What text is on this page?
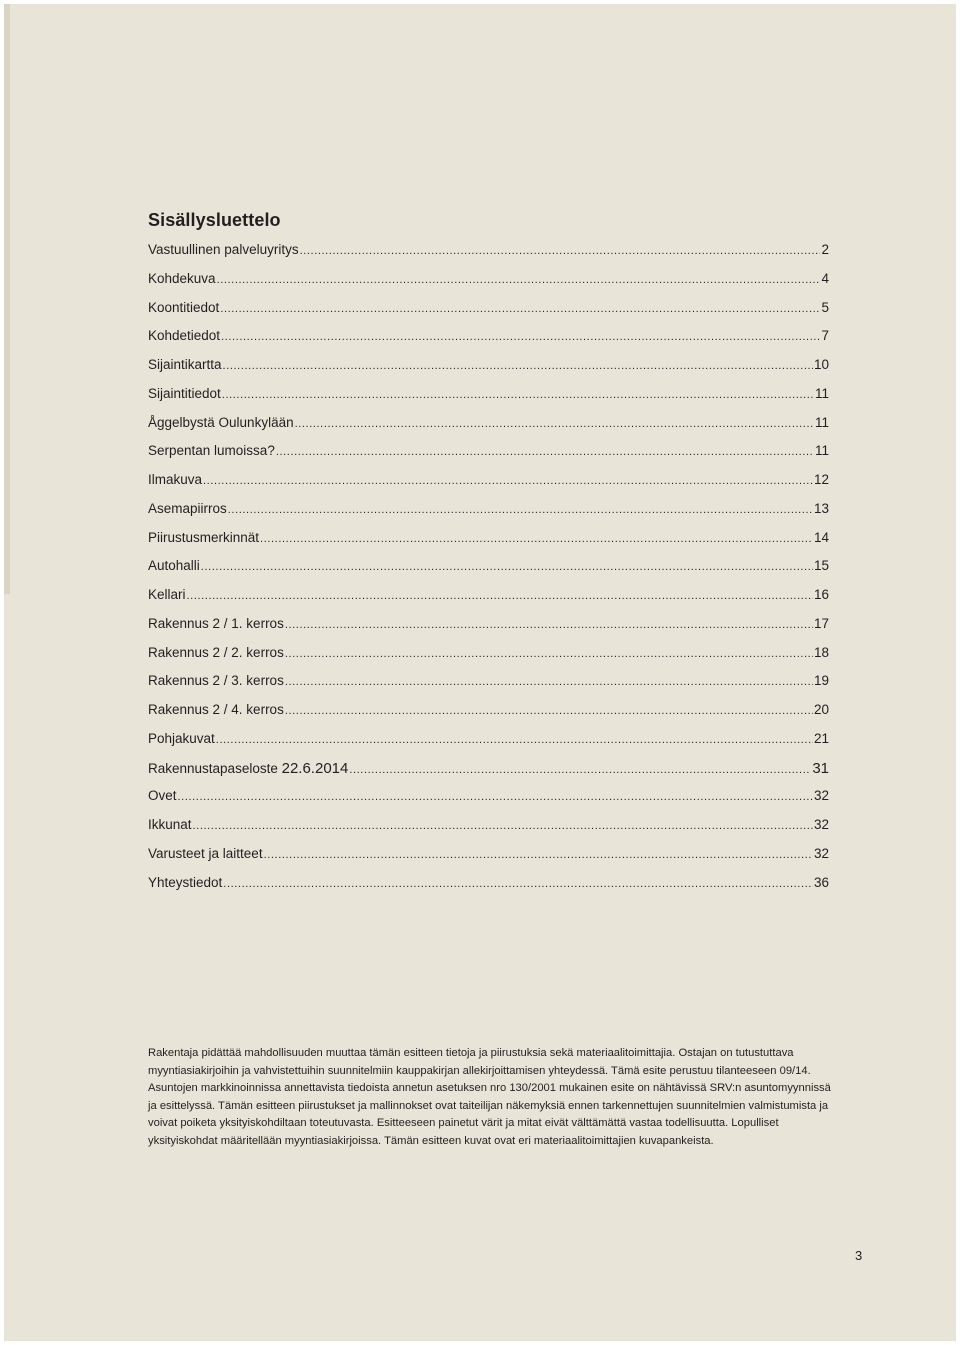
Sisällysluettelo
Vastuullinen palveluyritys .....	2
Kohdekuva .....	4
Koontitiedot .....	5
Kohdetiedot .....	7
Sijaintikartta .....	10
Sijaintitiedot .....	11
Åggelbystä Oulunkylään .....	11
Serpentan lumoissa? .....	11
Ilmakuva .....	12
Asemapiirros .....	13
Piirustusmerkinnät .....	14
Autohalli .....	15
Kellari .....	16
Rakennus 2 / 1. kerros .....	17
Rakennus 2 / 2. kerros .....	18
Rakennus 2 / 3. kerros .....	19
Rakennus 2 / 4. kerros .....	20
Pohjakuvat .....	21
Rakennustapaseloste 22.6.2014 .....	31
Ovet .....	32
Ikkunat .....	32
Varusteet ja laitteet .....	32
Yhteystiedot .....	36

Rakentaja pidättää mahdollisuuden muuttaa tämän esitteen tietoja ja piirustuksia sekä materiaalitoimittajia. Ostajan on tutustuttava myyntiasiakirjoihin ja vahvistettuihin suunnitelmiin kauppakirjan allekirjoittamisen yhteydessä. Tämä esite perustuu tilanteeseen 09/14. Asuntojen markkinoinnissa annettavista tiedoista annetun asetuksen nro 130/2001 mukainen esite on nähtävissä SRV:n asuntomyynnissä ja esittelyssä. Tämän esitteen piirustukset ja mallinnokset ovat taiteilijan näkemyksiä ennen tarkennettujen suunnitelmien valmistumista ja voivat poiketa yksityiskohdiltaan toteutuvasta. Esitteeseen painetut värit ja mitat eivät välttämättä vastaa todellisuutta. Lopulliset yksityiskohdat määritellään myyntiasiakirjoissa. Tämän esitteen kuvat ovat eri materiaalitoimittajien kuvapankeista.

3
